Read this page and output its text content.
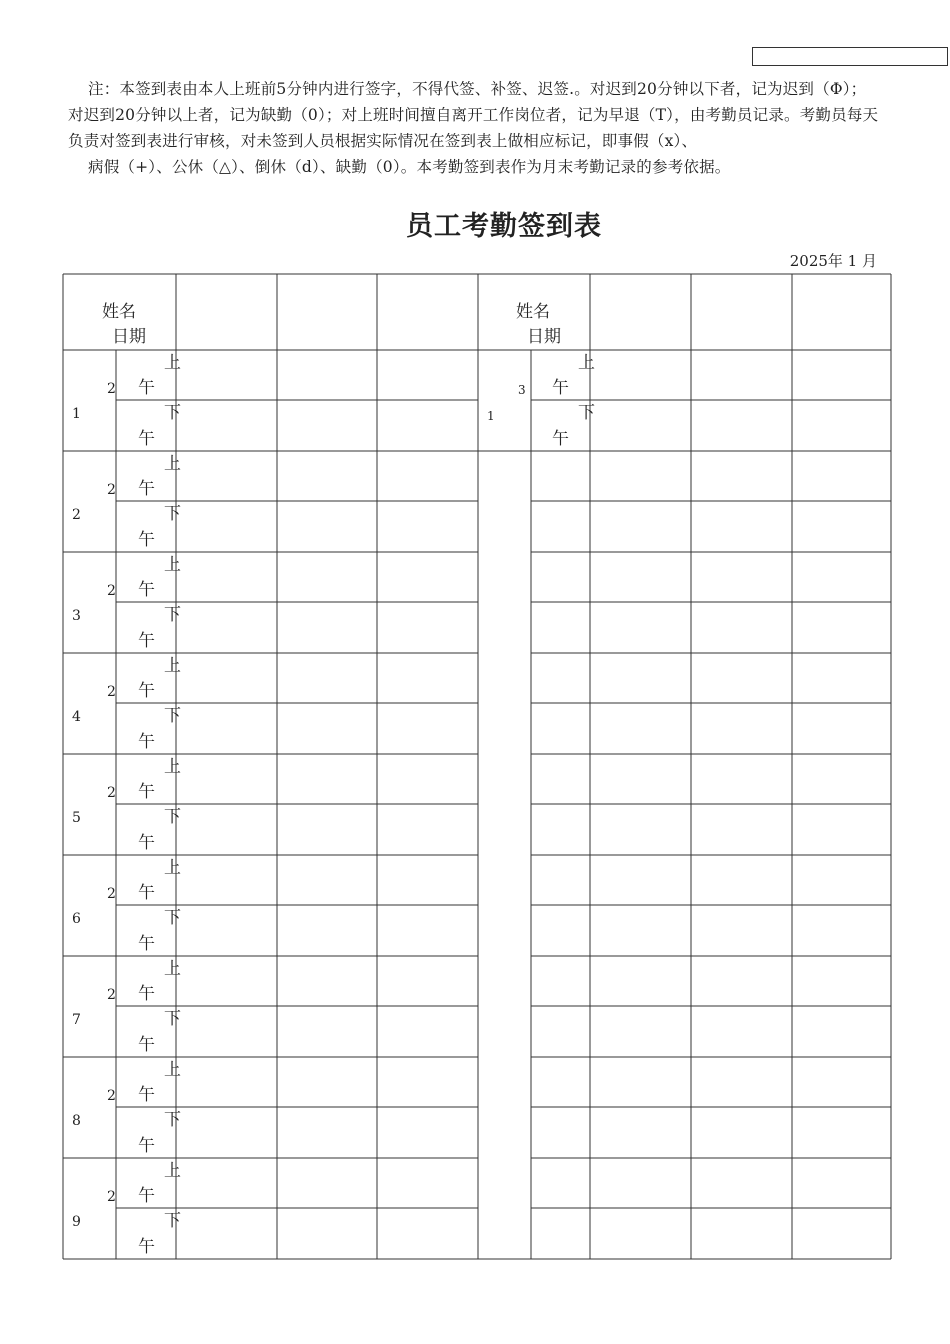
注：本签到表由本人上班前5分钟内进行签字，不得代签、补签、迟签.。对迟到20分钟以下者，记为迟到（Φ）；对迟到20分钟以上者，记为缺勤（0）；对上班时间擅自离开工作岗位者，记为早退（T），由考勤员记录。考勤员每天负责对签到表进行审核，对未签到人员根据实际情况在签到表上做相应标记，即事假（x）、

病假（+）、公休（△）、倒休（d）、缺勤（0）。本考勤签到表作为月末考勤记录的参考依据。

员工考勤签到表
2025年 1 月
姓名
日期
姓名
日期
1
2
上
午
下
午
2
2
上
午
下
午
3
2
上
午
下
午
4
2
上
午
下
午
5
2
上
午
下
午
6
2
上
午
下
午
7
2
上
午
下
午
8
2
上
午
下
午
9
2
上
午
下
午
1
3
上
午
下
午
